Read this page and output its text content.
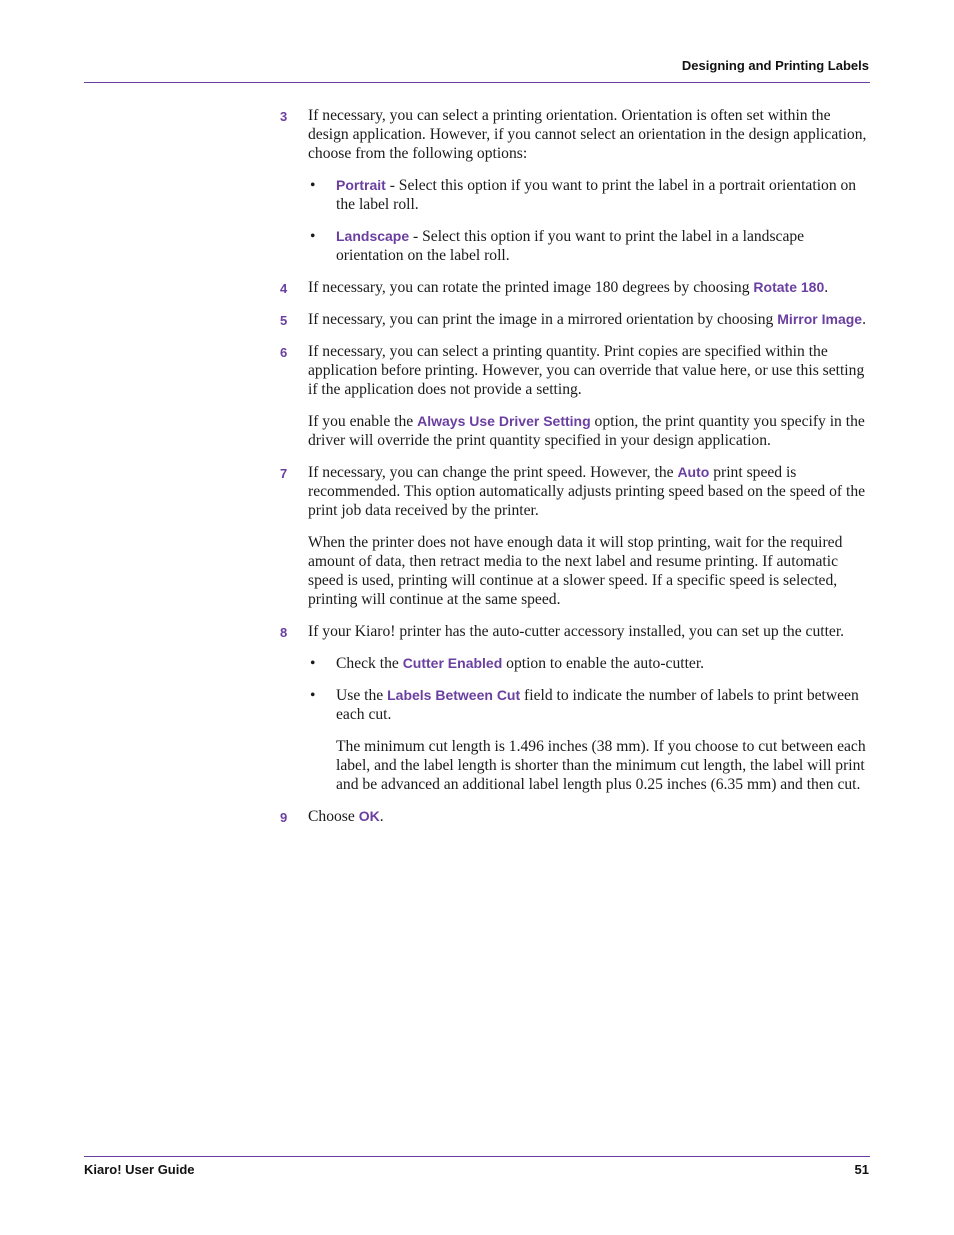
Designing and Printing Labels
3 If necessary, you can select a printing orientation. Orientation is often set within the design application. However, if you cannot select an orientation in the design application, choose from the following options:

• Portrait - Select this option if you want to print the label in a portrait orientation on the label roll.

• Landscape - Select this option if you want to print the label in a landscape orientation on the label roll.

4 If necessary, you can rotate the printed image 180 degrees by choosing Rotate 180.

5 If necessary, you can print the image in a mirrored orientation by choosing Mirror Image.

6 If necessary, you can select a printing quantity. Print copies are specified within the application before printing. However, you can override that value here, or use this setting if the application does not provide a setting.

If you enable the Always Use Driver Setting option, the print quantity you specify in the driver will override the print quantity specified in your design application.

7 If necessary, you can change the print speed. However, the Auto print speed is recommended. This option automatically adjusts printing speed based on the speed of the print job data received by the printer.

When the printer does not have enough data it will stop printing, wait for the required amount of data, then retract media to the next label and resume printing. If automatic speed is used, printing will continue at a slower speed. If a specific speed is selected, printing will continue at the same speed.

8 If your Kiaro! printer has the auto-cutter accessory installed, you can set up the cutter.

• Check the Cutter Enabled option to enable the auto-cutter.

• Use the Labels Between Cut field to indicate the number of labels to print between each cut.

The minimum cut length is 1.496 inches (38 mm). If you choose to cut between each label, and the label length is shorter than the minimum cut length, the label will print and be advanced an additional label length plus 0.25 inches (6.35 mm) and then cut.

9 Choose OK.

Kiaro! User Guide	51
